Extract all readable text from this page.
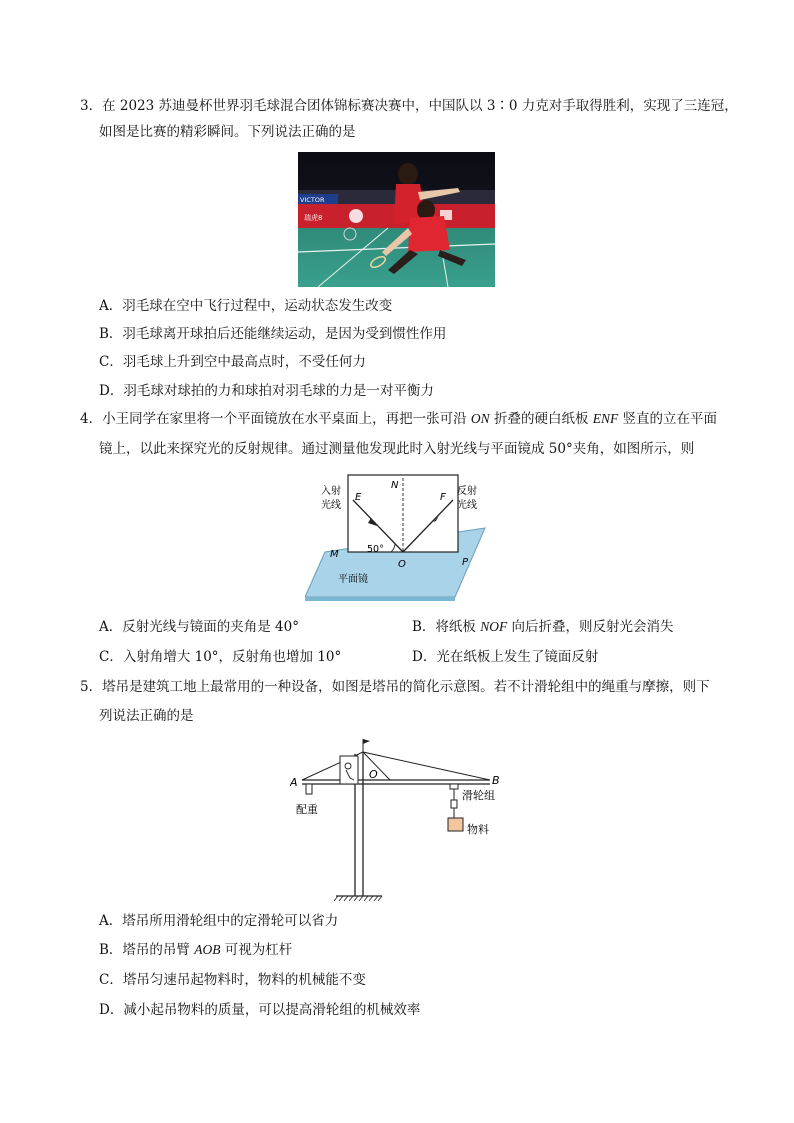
3．在 2023 苏迪曼杯世界羽毛球混合团体锦标赛决赛中，中国队以 3∶0 力克对手取得胜利，实现了三连冠，
如图是比赛的精彩瞬间。下列说法正确的是
VICTOR
瑞虎8
A．羽毛球在空中飞行过程中，运动状态发生改变
B．羽毛球离开球拍后还能继续运动，是因为受到惯性作用
C．羽毛球上升到空中最高点时，不受任何力
D．羽毛球对球拍的力和球拍对羽毛球的力是一对平衡力
4．小王同学在家里将一个平面镜放在水平桌面上，再把一张可沿 ON 折叠的硬白纸板 ENF 竖直的立在平面
镜上，以此来探究光的反射规律。通过测量他发现此时入射光线与平面镜成 50°夹角，如图所示，则
入射
光线
反射
光线
E
N
F
M
O	P
50°
平面镜
A．反射光线与镜面的夹角是 40°	B．将纸板 NOF 向后折叠，则反射光会消失
C．入射角增大 10°，反射角也增加 10°	D．光在纸板上发生了镜面反射
5．塔吊是建筑工地上最常用的一种设备，如图是塔吊的简化示意图。若不计滑轮组中的绳重与摩擦，则下
列说法正确的是
A
O	B
配重
滑轮组
物料
A．塔吊所用滑轮组中的定滑轮可以省力
B．塔吊的吊臂 AOB 可视为杠杆
C．塔吊匀速吊起物料时，物料的机械能不变
D．减小起吊物料的质量，可以提高滑轮组的机械效率
